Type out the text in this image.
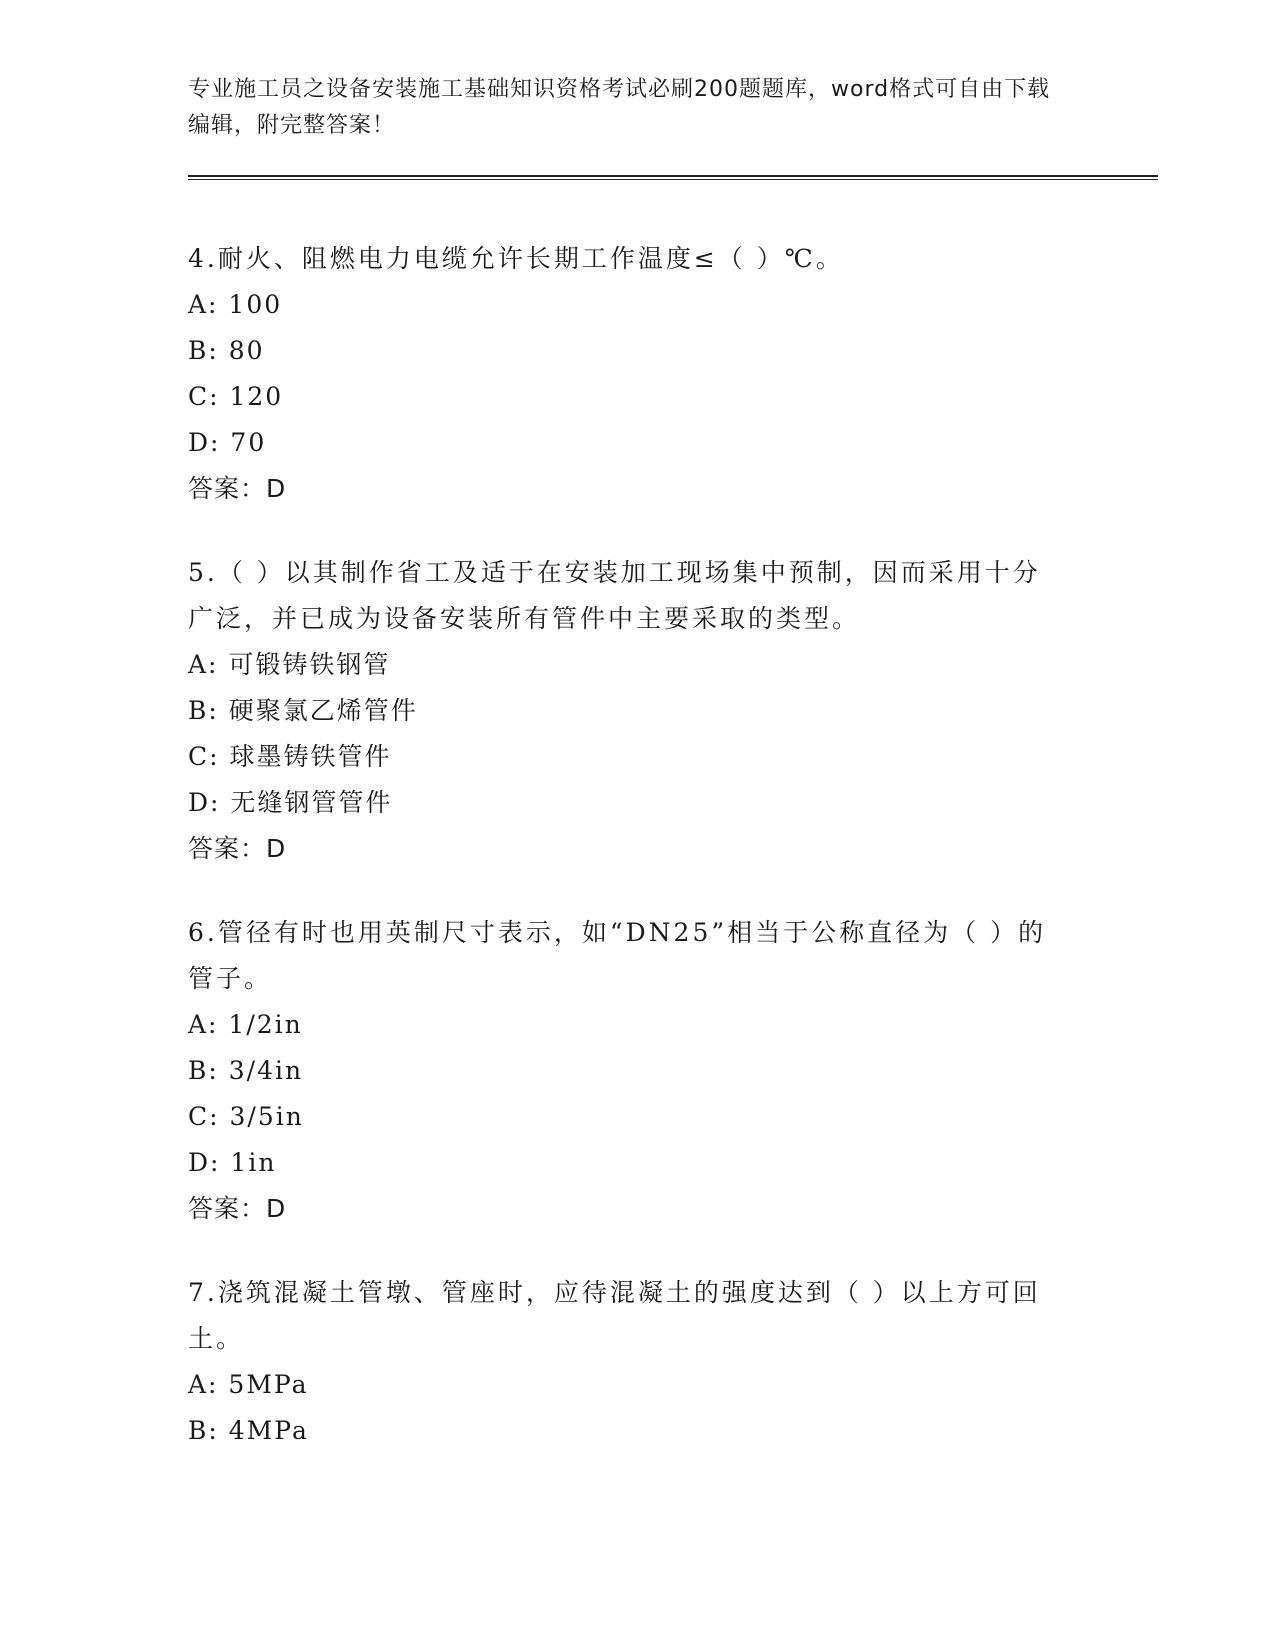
专业施工员之设备安装施工基础知识资格考试必刷200题题库，word格式可自由下载编辑，附完整答案！
4.耐火、阻燃电力电缆允许长期工作温度≤（ ）℃。
A: 100
B: 80
C: 120
D: 70
答案：D
5.（ ）以其制作省工及适于在安装加工现场集中预制，因而采用十分广泛，并已成为设备安装所有管件中主要采取的类型。
A: 可锻铸铁钢管
B: 硬聚氯乙烯管件
C: 球墨铸铁管件
D: 无缝钢管管件
答案：D
6.管径有时也用英制尺寸表示，如“DN25”相当于公称直径为（ ）的管子。
A: 1/2in
B: 3/4in
C: 3/5in
D: 1in
答案：D
7.浇筑混凝土管墩、管座时，应待混凝土的强度达到（ ）以上方可回土。
A: 5MPa
B: 4MPa
